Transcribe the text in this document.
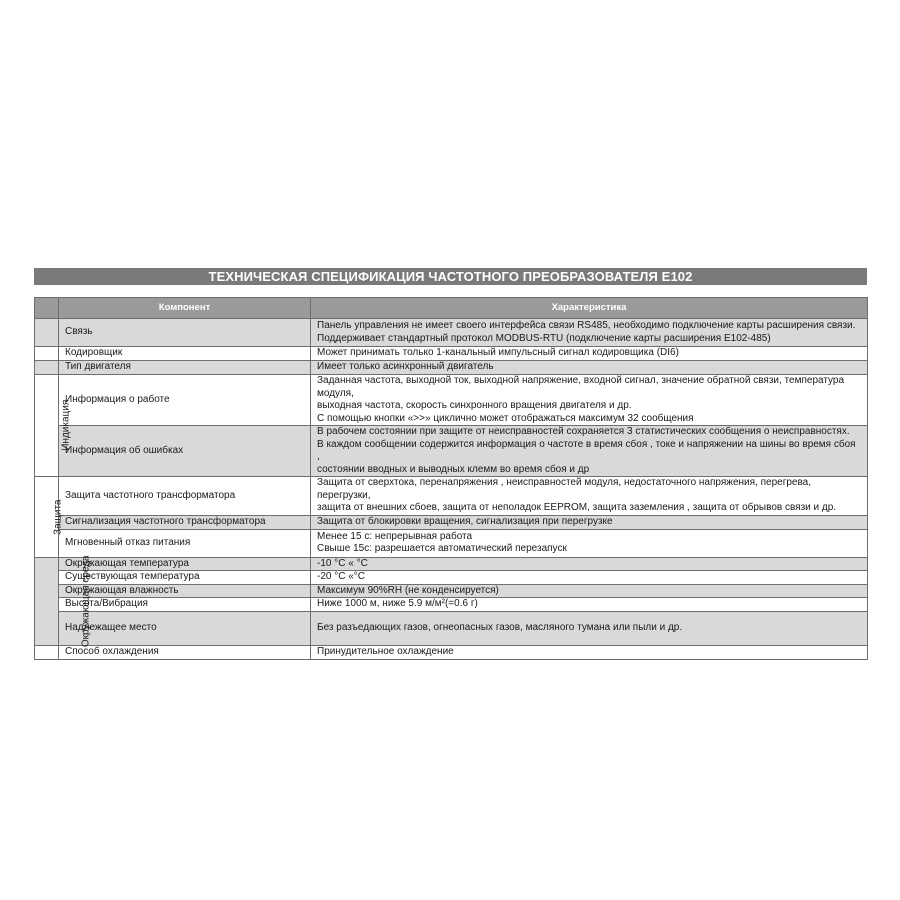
ТЕХНИЧЕСКАЯ СПЕЦИФИКАЦИЯ ЧАСТОТНОГО ПРЕОБРАЗОВАТЕЛЯ Е102
	Компонент	Характеристика
	Связь	Панель управления не имеет своего интерфейса связи RS485, необходимо подключение карты расширения связи.
Поддерживает стандартный протокол MODBUS-RTU (подключение карты расширения Е102-485)

	Кодировщик	Может принимать только 1-канальный импульсный сигнал кодировщика (DI6)

	Тип двигателя	Имеет только асинхронный двигатель

Индикация	Информация о работе	Заданная частота, выходной ток, выходной напряжение, входной сигнал, значение обратной связи, температура модуля,
выходная частота, скорость синхронного вращения двигателя и др.
С помощью кнопки «>>» циклично может отображаться максимум 32 сообщения

	Информация об ошибках	В рабочем состоянии при защите от неисправностей сохраняется 3 статистических сообщения о неисправностях.
В каждом сообщении содержится информация о частоте в время сбоя , токе и напряжении на шины во время сбоя ,
состоянии вводных и выводных клемм во время сбоя и др

Защита	Защита частотного трансформатора	Защита от сверхтока, перенапряжения , неисправностей модуля, недостаточного напряжения, перегрева, перегрузки,
защита от внешних сбоев, защита от неполадок EEPROM, защита заземления , защита от обрывов связи и др.

	Сигнализация частотного трансформатора	Защита от блокировки вращения, сигнализация при перегрузке

	Мгновенный отказ питания	Менее 15 с: непрерывная работа
Свыше 15с: разрешается автоматический перезапуск

Окружающая среда	Окружающая температура	-10 °C « °C

	Существующая температура	-20 °C «°C

	Окружающая влажность	Максимум 90%RH (не конденсируется)

	Высота/Вибрация	Ниже 1000 м, ниже 5.9 м/м²(=0.6 г)

	Надлежащее место	Без разъедающих газов, огнеопасных газов, масляного тумана или пыли и др.

	Способ охлаждения	Принудительное охлаждение
